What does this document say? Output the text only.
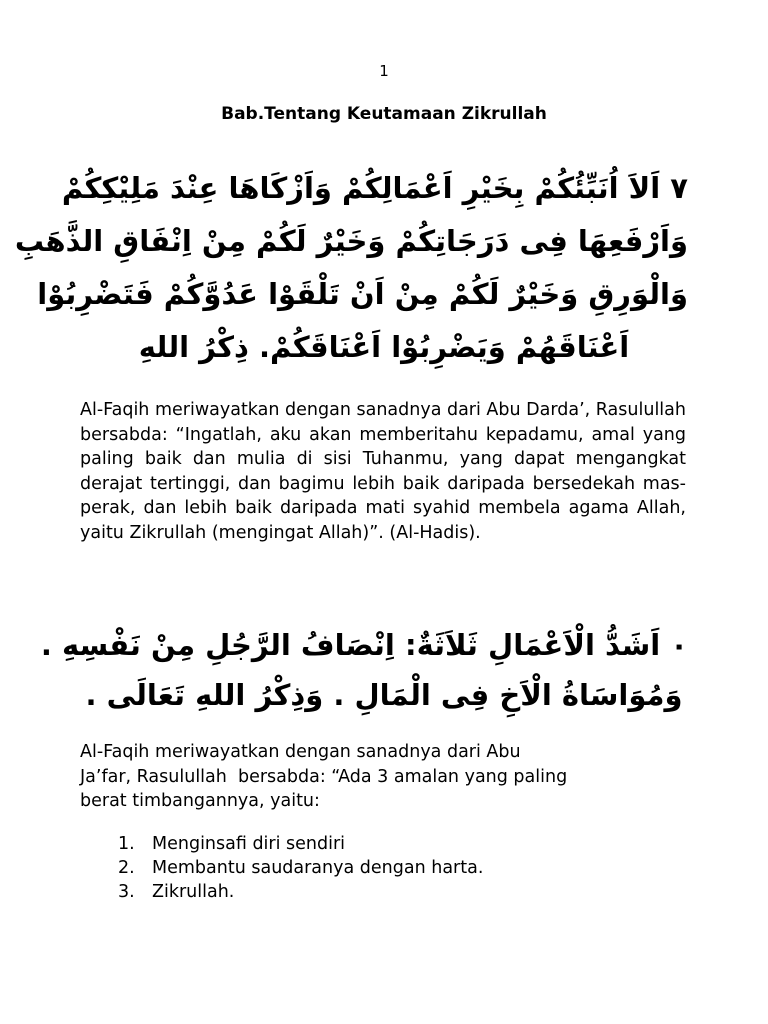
1
Bab.Tentang Keutamaan Zikrullah
٧ اَلاَ اُنَبِّئُكُمْ بِخَيْرِ اَعْمَالِكُمْ وَاَزْكَاهَا عِنْدَ مَلِيْكِكُمْ
وَاَرْفَعِهَا فِى دَرَجَاتِكُمْ وَخَيْرٌ لَكُمْ مِنْ اِنْفَاقِ الذَّهَبِ
وَالْوَرِقِ وَخَيْرٌ لَكُمْ مِنْ اَنْ تَلْقَوْا عَدُوَّكُمْ فَتَضْرِبُوْا
اَعْنَاقَهُمْ وَيَضْرِبُوْا اَعْنَاقَكُمْ. ذِكْرُ اللهِ

Al-Faqih meriwayatkan dengan sanadnya dari Abu Darda’, Rasulullah bersabda: “Ingatlah, aku akan memberitahu kepadamu, amal yang paling baik dan mulia di sisi Tuhanmu, yang dapat mengangkat derajat tertinggi, dan bagimu lebih baik daripada bersedekah mas-perak, dan lebih baik daripada mati syahid membela agama Allah, yaitu Zikrullah (mengingat Allah)”. (Al-Hadis).

٠ اَشَدُّ الْاَعْمَالِ ثَلاَثَةٌ: اِنْصَافُ الرَّجُلِ مِنْ نَفْسِهِ .
وَمُوَاسَاةُ الْاَخِ فِى الْمَالِ . وَذِكْرُ اللهِ تَعَالَى .

Al-Faqih meriwayatkan dengan sanadnya dari Abu
Ja’far, Rasulullah  bersabda: “Ada 3 amalan yang paling
berat timbangannya, yaitu:

1. Menginsafi diri sendiri
2. Membantu saudaranya dengan harta.
3. Zikrullah.
